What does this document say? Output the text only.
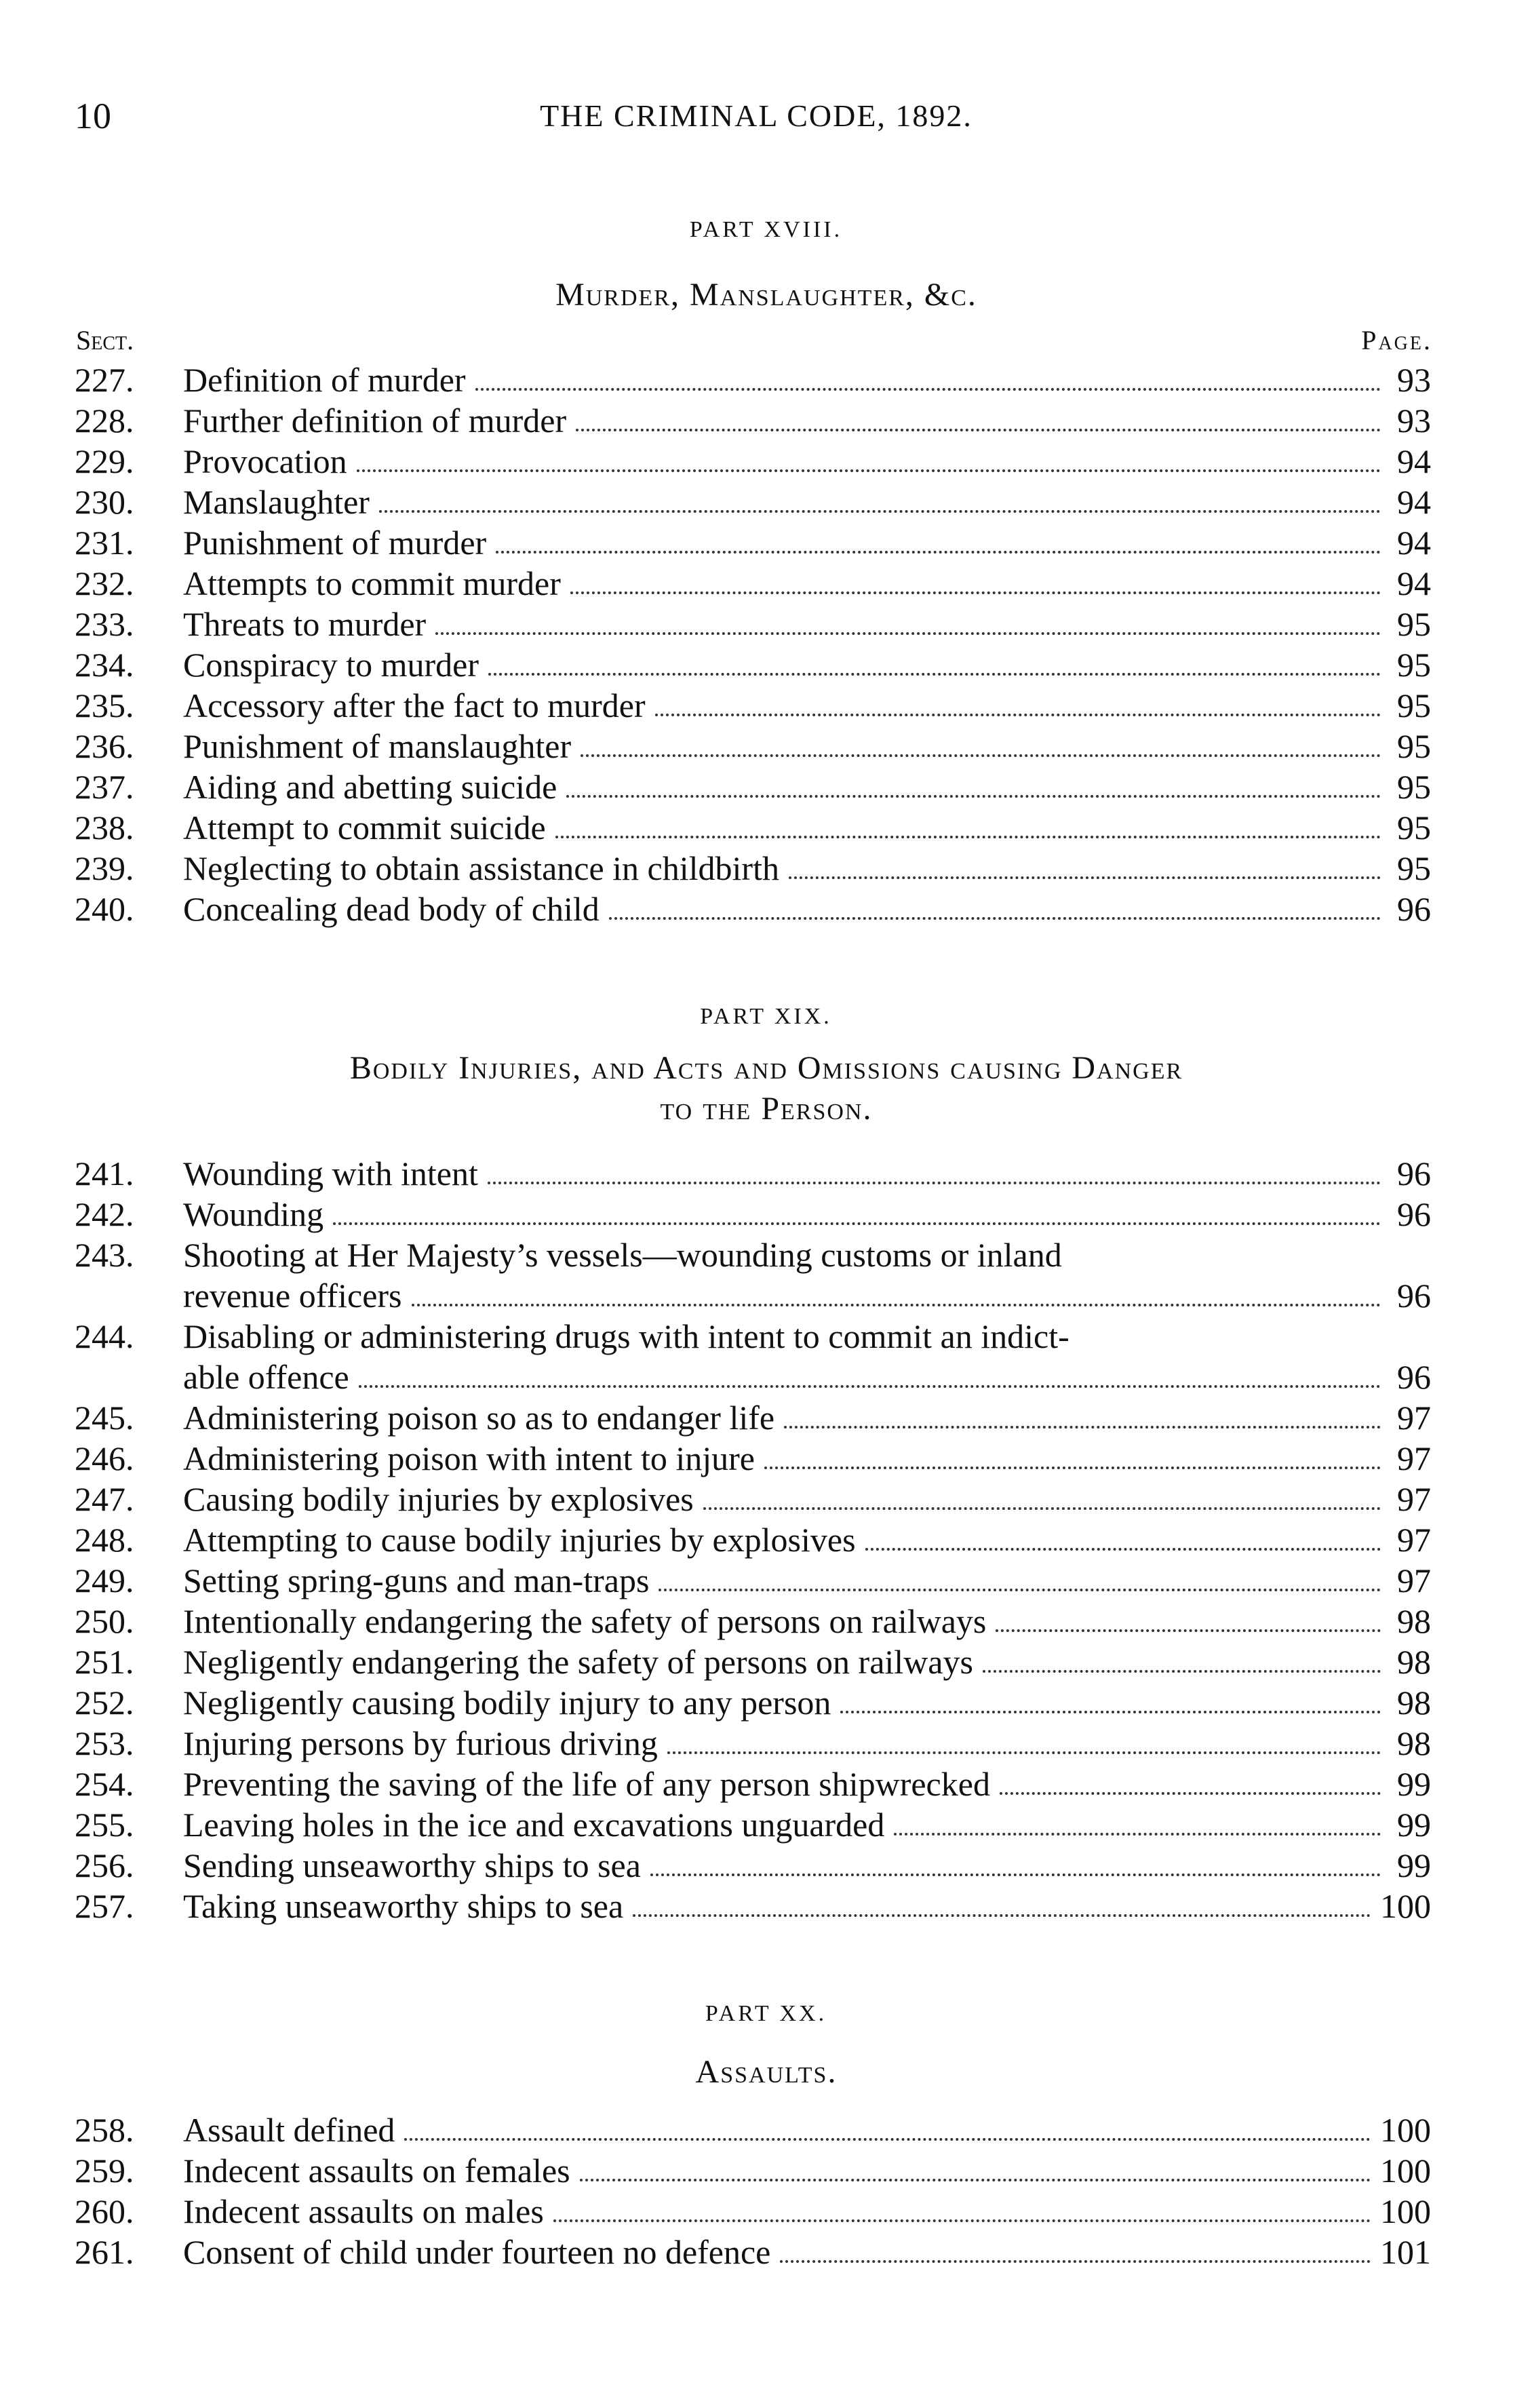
10	THE CRIMINAL CODE, 1892.
PART XVIII.
Murder, Manslaughter, &c.
Sect.	Page.
227.	Definition of murder	93
228.	Further definition of murder	93
229.	Provocation	94
230.	Manslaughter	94
231.	Punishment of murder	94
232.	Attempts to commit murder	94
233.	Threats to murder	95
234.	Conspiracy to murder	95
235.	Accessory after the fact to murder	95
236.	Punishment of manslaughter	95
237.	Aiding and abetting suicide	95
238.	Attempt to commit suicide	95
239.	Neglecting to obtain assistance in childbirth	95
240.	Concealing dead body of child	96
PART XIX.
Bodily Injuries, and Acts and Omissions causing Danger
to the Person.
241.	Wounding with intent	96
242.	Wounding	96
243.	Shooting at Her Majesty’s vessels—wounding customs or inland
revenue officers	96
244.	Disabling or administering drugs with intent to commit an indict-
able offence	96
245.	Administering poison so as to endanger life	97
246.	Administering poison with intent to injure	97
247.	Causing bodily injuries by explosives	97
248.	Attempting to cause bodily injuries by explosives	97
249.	Setting spring-guns and man-traps	97
250.	Intentionally endangering the safety of persons on railways	98
251.	Negligently endangering the safety of persons on railways	98
252.	Negligently causing bodily injury to any person	98
253.	Injuring persons by furious driving	98
254.	Preventing the saving of the life of any person shipwrecked	99
255.	Leaving holes in the ice and excavations unguarded	99
256.	Sending unseaworthy ships to sea	99
257.	Taking unseaworthy ships to sea	100
PART XX.
Assaults.
258.	Assault defined	100
259.	Indecent assaults on females	100
260.	Indecent assaults on males	100
261.	Consent of child under fourteen no defence	101
